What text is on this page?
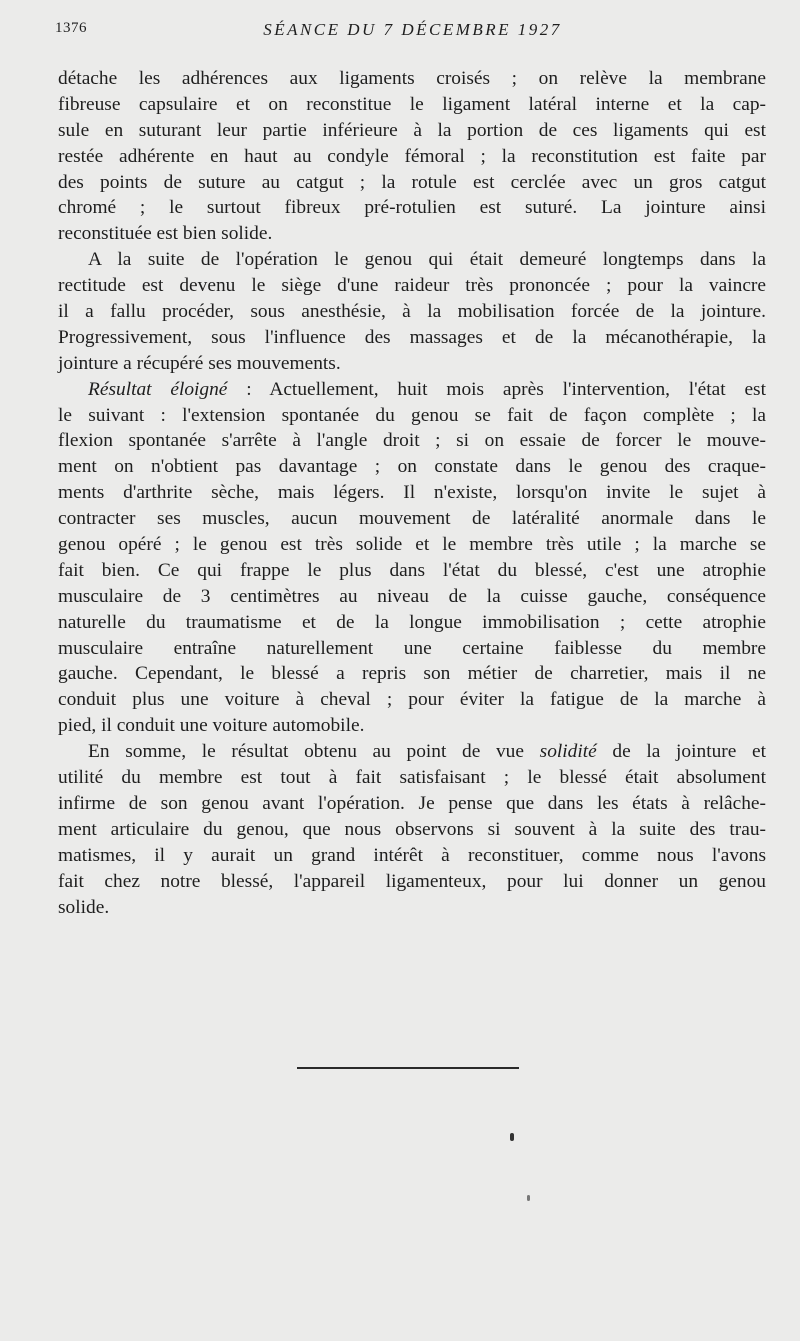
1376	SÉANCE DU 7 DÉCEMBRE 1927
détache les adhérences aux ligaments croisés ; on relève la membrane
fibreuse capsulaire et on reconstitue le ligament latéral interne et la cap-
sule en suturant leur partie inférieure à la portion de ces ligaments qui est
restée adhérente en haut au condyle fémoral ; la reconstitution est faite par
des points de suture au catgut ; la rotule est cerclée avec un gros catgut
chromé ; le surtout fibreux pré-rotulien est suturé. La jointure ainsi
reconstituée est bien solide.
A la suite de l'opération le genou qui était demeuré longtemps dans la
rectitude est devenu le siège d'une raideur très prononcée ; pour la vaincre
il a fallu procéder, sous anesthésie, à la mobilisation forcée de la jointure.
Progressivement, sous l'influence des massages et de la mécanothérapie, la
jointure a récupéré ses mouvements.
Résultat éloigné : Actuellement, huit mois après l'intervention, l'état est
le suivant : l'extension spontanée du genou se fait de façon complète ; la
flexion spontanée s'arrête à l'angle droit ; si on essaie de forcer le mouve-
ment on n'obtient pas davantage ; on constate dans le genou des craque-
ments d'arthrite sèche, mais légers. Il n'existe, lorsqu'on invite le sujet à
contracter ses muscles, aucun mouvement de latéralité anormale dans le
genou opéré ; le genou est très solide et le membre très utile ; la marche se
fait bien. Ce qui frappe le plus dans l'état du blessé, c'est une atrophie
musculaire de 3 centimètres au niveau de la cuisse gauche, conséquence
naturelle du traumatisme et de la longue immobilisation ; cette atrophie
musculaire entraîne naturellement une certaine faiblesse du membre
gauche. Cependant, le blessé a repris son métier de charretier, mais il ne
conduit plus une voiture à cheval ; pour éviter la fatigue de la marche à
pied, il conduit une voiture automobile.
En somme, le résultat obtenu au point de vue solidité de la jointure et
utilité du membre est tout à fait satisfaisant ; le blessé était absolument
infirme de son genou avant l'opération. Je pense que dans les états à relâche-
ment articulaire du genou, que nous observons si souvent à la suite des trau-
matismes, il y aurait un grand intérêt à reconstituer, comme nous l'avons
fait chez notre blessé, l'appareil ligamenteux, pour lui donner un genou
solide.
